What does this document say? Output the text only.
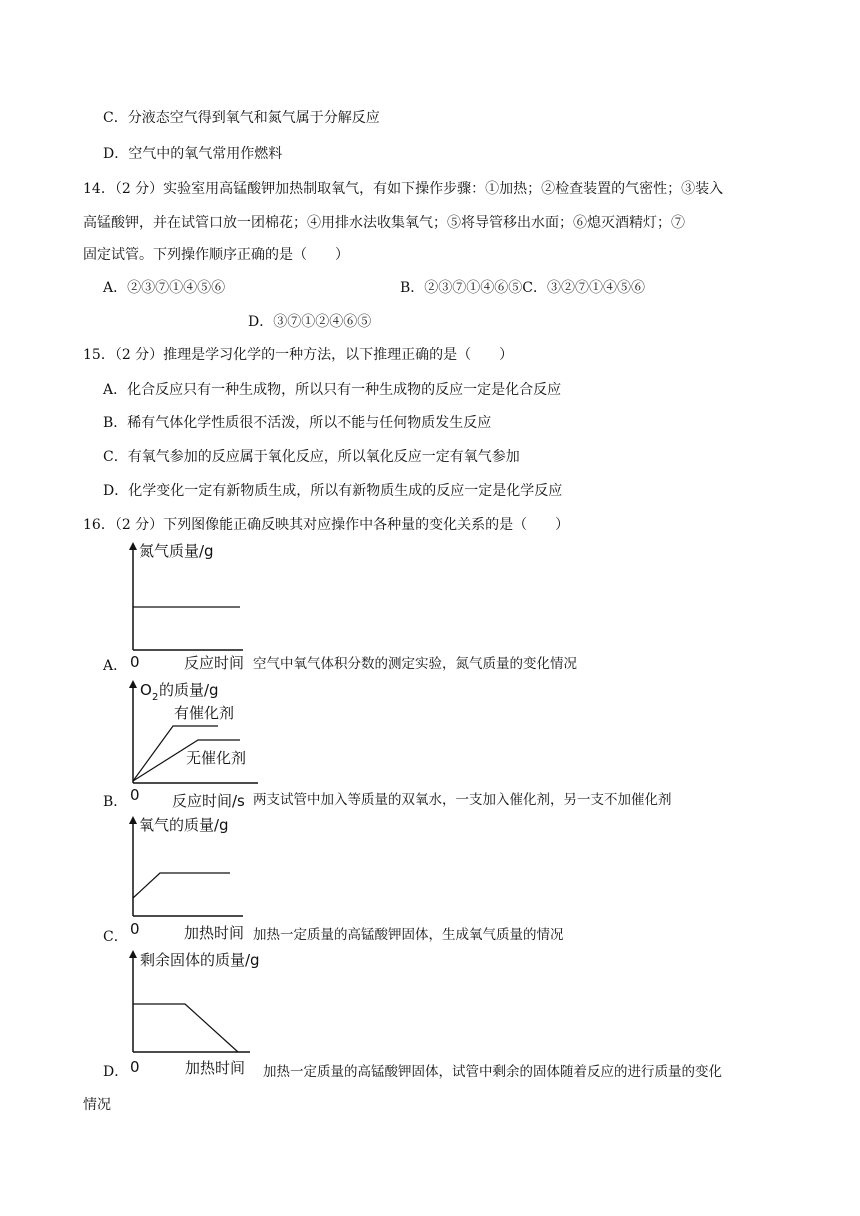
C．分液态空气得到氧气和氮气属于分解反应
D．空气中的氧气常用作燃料
14．（2 分）实验室用高锰酸钾加热制取氧气，有如下操作步骤：①加热；②检查装置的气密性；③装入
高锰酸钾，并在试管口放一团棉花；④用排水法收集氧气；⑤将导管移出水面；⑥熄灭酒精灯；⑦
固定试管。下列操作顺序正确的是（　　）
A．②③⑦①④⑤⑥	B．②③⑦①④⑥⑤C．③②⑦①④⑤⑥
D．③⑦①②④⑥⑤
15．（2 分）推理是学习化学的一种方法，以下推理正确的是（　　）
A．化合反应只有一种生成物，所以只有一种生成物的反应一定是化合反应
B．稀有气体化学性质很不活泼，所以不能与任何物质发生反应
C．有氧气参加的反应属于氧化反应，所以氧化反应一定有氧气参加
D．化学变化一定有新物质生成，所以有新物质生成的反应一定是化学反应
16．（2 分）下列图像能正确反映其对应操作中各种量的变化关系的是（　　）
氮气质量/g
0	反应时间
A．	空气中氧气体积分数的测定实验，氮气质量的变化情况
O 2 的质量/g
有催化剂
无催化剂
0 反应时间/s
B．	两支试管中加入等质量的双氧水，一支加入催化剂，另一支不加催化剂
氧气的质量/g
0	加热时间
C．	加热一定质量的高锰酸钾固体，生成氧气质量的情况
剩余固体的质量/g
0	加热时间
D．	加热一定质量的高锰酸钾固体，试管中剩余的固体随着反应的进行质量的变化
情况
